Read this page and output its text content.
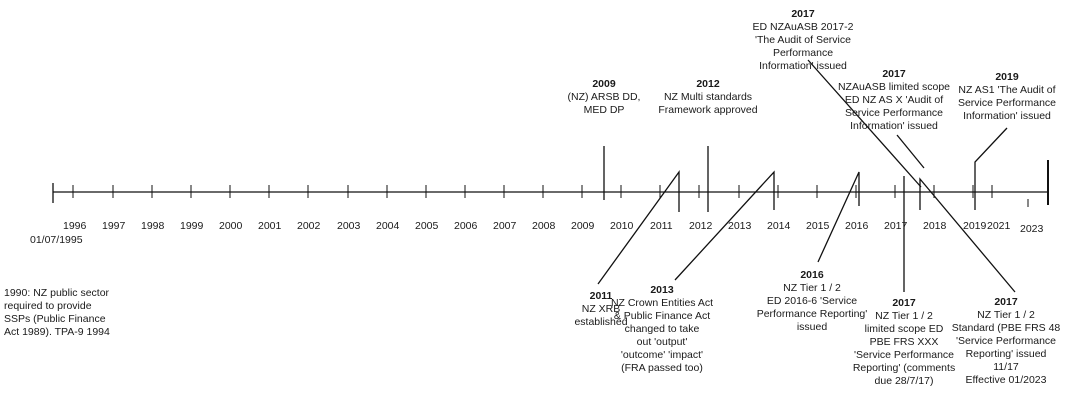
1990: NZ public sector
required to provide
SSPs (Public Finance
Act 1989). TPA-9 1994
01/07/1995
1996 1997 1998 1999 2000 2001 2002 2003 2004 2005 2006 2007 2008 2009 2010 2011 2012 2013 2014 2015 2016 2017 2018 2019 2021 2023
2009
(NZ) ARSB DD,
MED DP
2012
NZ Multi standards
Framework approved
2017
ED NZAuASB 2017-2
'The Audit of Service
Performance
Information' issued
2017
NZAuASB limited scope
ED NZ AS X 'Audit of
Service Performance
Information' issued
2019
NZ AS1 'The Audit of
Service Performance
Information' issued
2011
NZ XRB
established
2013
NZ Crown Entities Act
& Public Finance Act
changed to take
out 'output'
'outcome' 'impact'
(FRA passed too)
2016
NZ Tier 1 / 2
ED 2016-6 'Service
Performance Reporting'
issued
2017
NZ Tier 1 / 2
limited scope ED
PBE FRS XXX
'Service Performance
Reporting' (comments
due 28/7/17)
2017
NZ Tier 1 / 2
Standard (PBE FRS 48
'Service Performance
Reporting' issued
11/17
Effective 01/2023
